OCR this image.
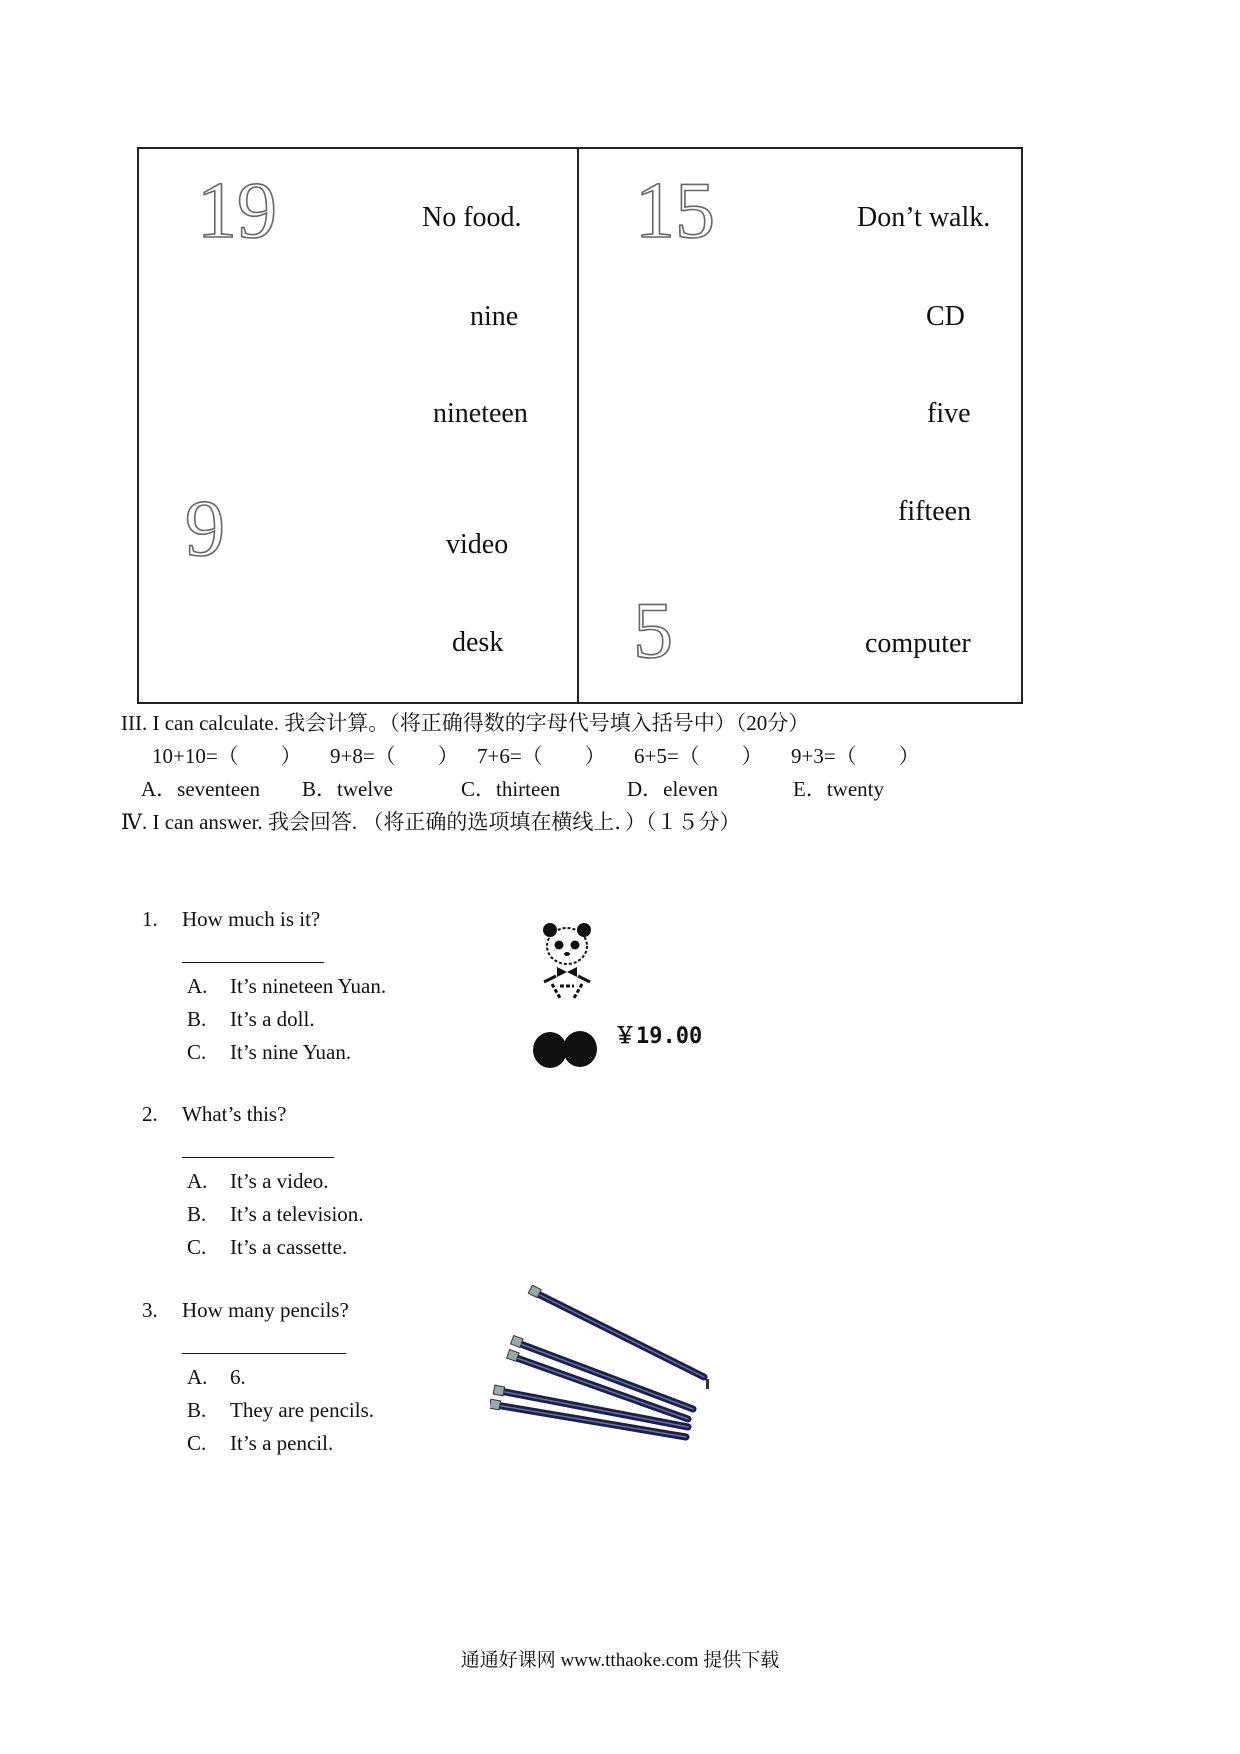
19
9
No food.
nine
nineteen
video
desk
15
5
Don’t walk.
CD
five
fifteen
computer
III. I can calculate. 我会计算。（将正确得数的字母代号填入括号中）（20分）
10+10=（　　） 9+8=（　　） 7+6=（　　） 6+5=（　　） 9+3=（　　）
A．seventeen B．twelve	C．thirteen	D．eleven	E．twenty
Ⅳ. I can answer. 我会回答. （将正确的选项填在横线上．）（１５分）
1. How much is it?
A. It’s nineteen Yuan.
B. It’s a doll.
C. It’s nine Yuan.
￥19.00
2. What’s this?
A. It’s a video.
B. It’s a television.
C. It’s a cassette.
3. How many pencils?
A. 6.
B. They are pencils.
C. It’s a pencil.
通通好课网 www.tthaoke.com 提供下载
